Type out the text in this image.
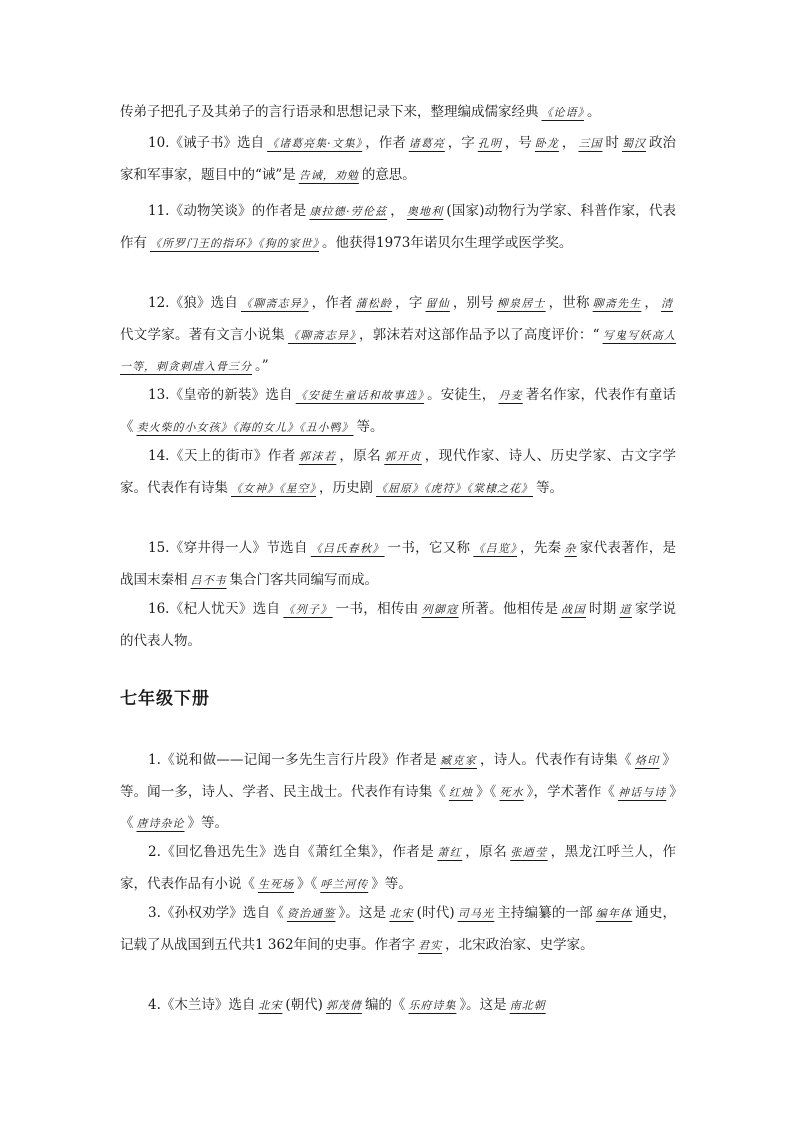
传弟子把孔子及其弟子的言行语录和思想记录下来，整理编成儒家经典 《论语》 。
10.《诫子书》选自 《诸葛亮集·文集》 ，作者 诸葛亮 ，字 孔明 ，号 卧龙 ， 三国 时 蜀汉 政治家和军事家，题目中的“诫”是 告诫，劝勉 的意思。
11.《动物笑谈》的作者是 康拉德·劳伦兹 ， 奥地利 (国家)动物行为学家、科普作家，代表作有 《所罗门王的指环》《狗的家世》 。他获得1973年诺贝尔生理学或医学奖。
12.《狼》选自 《聊斋志异》 ，作者 蒲松龄 ，字 留仙 ，别号 柳泉居士 ，世称 聊斋先生 ， 清代文学家。著有文言小说集 《聊斋志异》 ，郭沫若对这部作品予以了高度评价：“ 写鬼写妖高人一等，刺贪刺虐入骨三分 。”
13.《皇帝的新装》选自 《安徒生童话和故事选》 。安徒生， 丹麦 著名作家，代表作有童话《 卖火柴的小女孩》《海的女儿》《丑小鸭》 等。
14.《天上的街市》作者 郭沫若 ，原名 郭开贞 ，现代作家、诗人、历史学家、古文字学家。代表作有诗集 《女神》《星空》 ，历史剧 《屈原》《虎符》《棠棣之花》 等。
15.《穿井得一人》节选自 《吕氏春秋》 一书，它又称 《吕览》 ，先秦 杂 家代表著作，是战国末秦相 吕不韦 集合门客共同编写而成。
16.《杞人忧天》选自 《列子》 一书，相传由 列御寇 所著。他相传是 战国 时期 道 家学说的代表人物。
七年级下册
1.《说和做——记闻一多先生言行片段》作者是 臧克家 ，诗人。代表作有诗集《 烙印 》等。闻一多，诗人、学者、民主战士。代表作有诗集《 红烛 》《 死水 》，学术著作《 神话与诗 》《 唐诗杂论 》等。
2.《回忆鲁迅先生》选自《萧红全集》，作者是 萧红 ，原名 张迺莹 ，黑龙江呼兰人，作家，代表作品有小说《 生死场 》《 呼兰河传 》等。
3.《孙权劝学》选自《 资治通鉴 》。这是 北宋 (时代) 司马光 主持编纂的一部 编年体 通史，记载了从战国到五代共1 362年间的史事。作者字 君实 ，北宋政治家、史学家。
4.《木兰诗》选自 北宋 (朝代) 郭茂倩 编的《 乐府诗集 》。这是 南北朝
